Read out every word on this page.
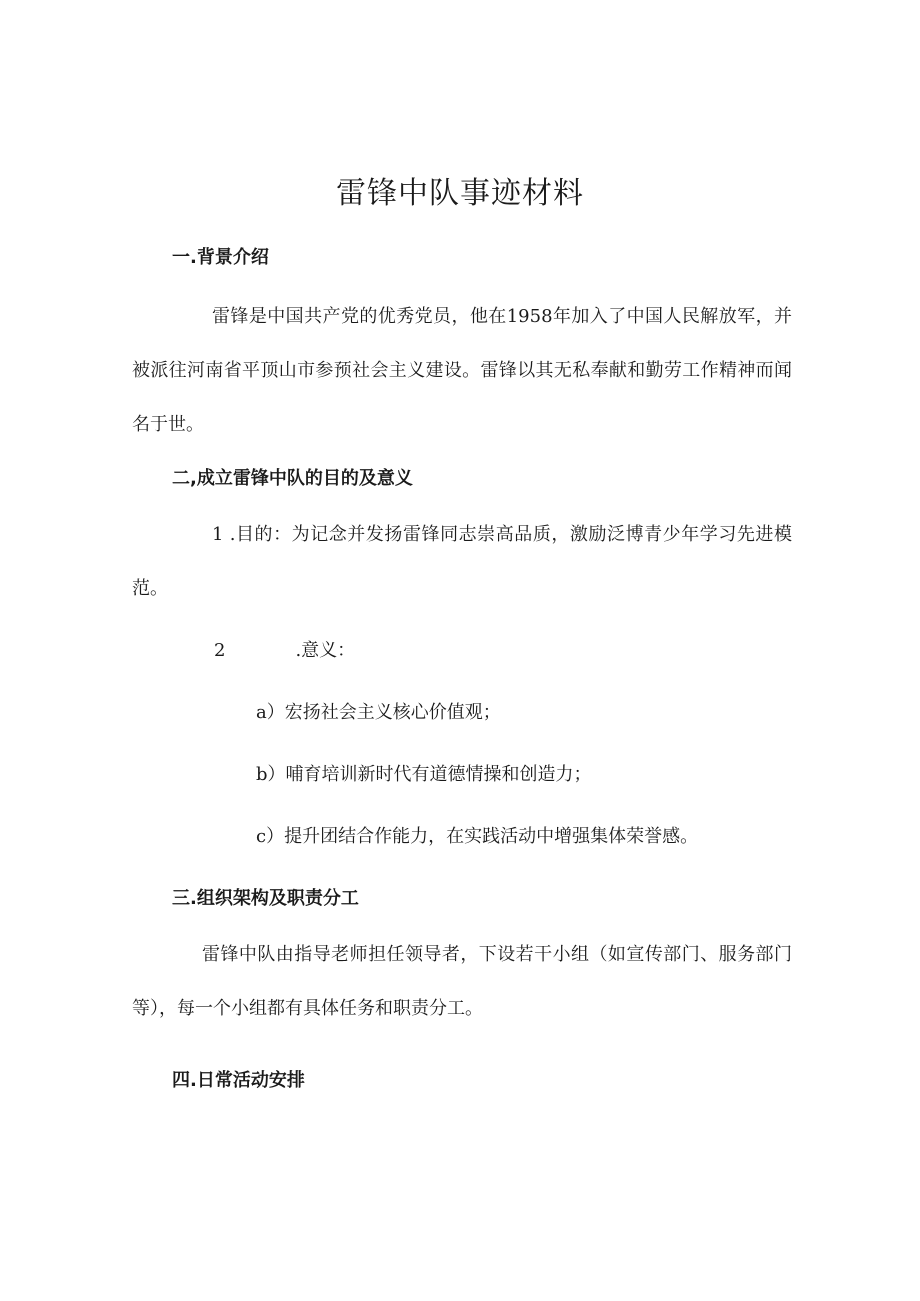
雷锋中队事迹材料
一.背景介绍

雷锋是中国共产党的优秀党员，他在1958年加入了中国人民解放军，并被派往河南省平顶山市参预社会主义建设。雷锋以其无私奉献和勤劳工作精神而闻名于世。

二,成立雷锋中队的目的及意义

1 .目的：为记念并发扬雷锋同志崇高品质，激励泛博青少年学习先进模范。

2	.意义：
a）宏扬社会主义核心价值观；
b）哺育培训新时代有道德情操和创造力；
c）提升团结合作能力，在实践活动中增强集体荣誉感。
三.组织架构及职责分工

雷锋中队由指导老师担任领导者，下设若干小组（如宣传部门、服务部门等），每一个小组都有具体任务和职责分工。

四.日常活动安排
